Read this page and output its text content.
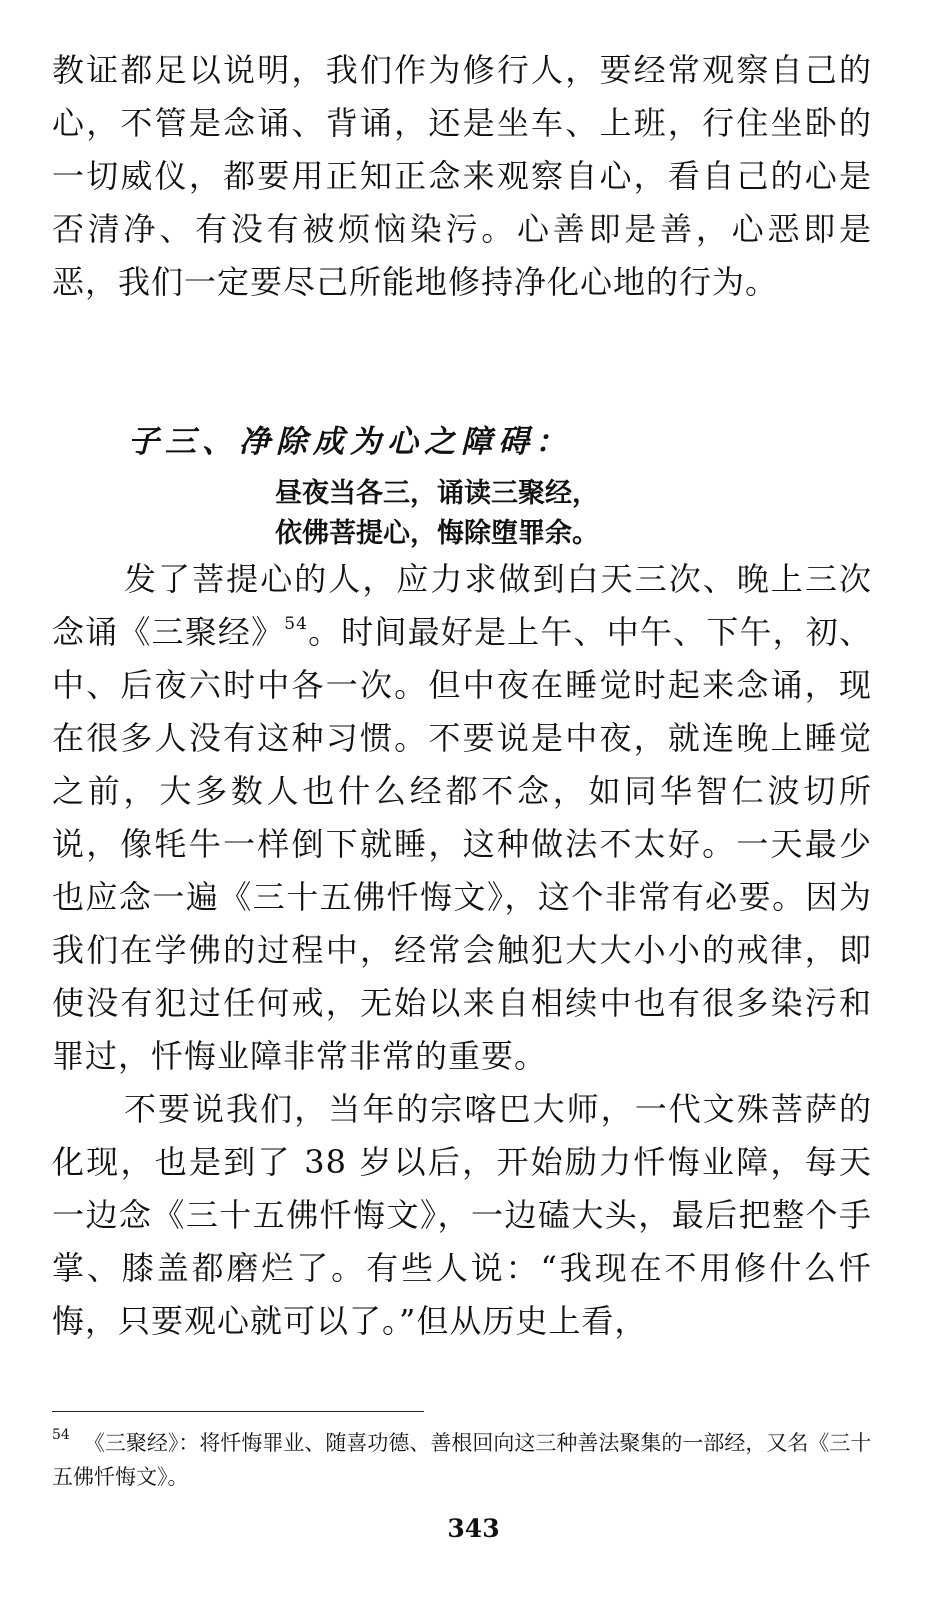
教证都足以说明，我们作为修行人，要经常观察自己的心，不管是念诵、背诵，还是坐车、上班，行住坐卧的一切威仪，都要用正知正念来观察自心，看自己的心是否清净、有没有被烦恼染污。心善即是善，心恶即是恶，我们一定要尽己所能地修持净化心地的行为。
子三、净除成为心之障碍：
昼夜当各三，诵读三聚经，
依佛菩提心，悔除堕罪余。
发了菩提心的人，应力求做到白天三次、晚上三次念诵《三聚经》$^{54}$。时间最好是上午、中午、下午，初、中、后夜六时中各一次。但中夜在睡觉时起来念诵，现在很多人没有这种习惯。不要说是中夜，就连晚上睡觉之前，大多数人也什么经都不念，如同华智仁波切所说，像牦牛一样倒下就睡，这种做法不太好。一天最少也应念一遍《三十五佛忏悔文》，这个非常有必要。因为我们在学佛的过程中，经常会触犯大大小小的戒律，即使没有犯过任何戒，无始以来自相续中也有很多染污和罪过，忏悔业障非常非常的重要。
不要说我们，当年的宗喀巴大师，一代文殊菩萨的化现，也是到了 38 岁以后，开始励力忏悔业障，每天一边念《三十五佛忏悔文》，一边磕大头，最后把整个手掌、膝盖都磨烂了。有些人说：“我现在不用修什么忏悔，只要观心就可以了。”但从历史上看，
$^{54}$ 《三聚经》：将忏悔罪业、随喜功德、善根回向这三种善法聚集的一部经，又名《三十五佛忏悔文》。
343
